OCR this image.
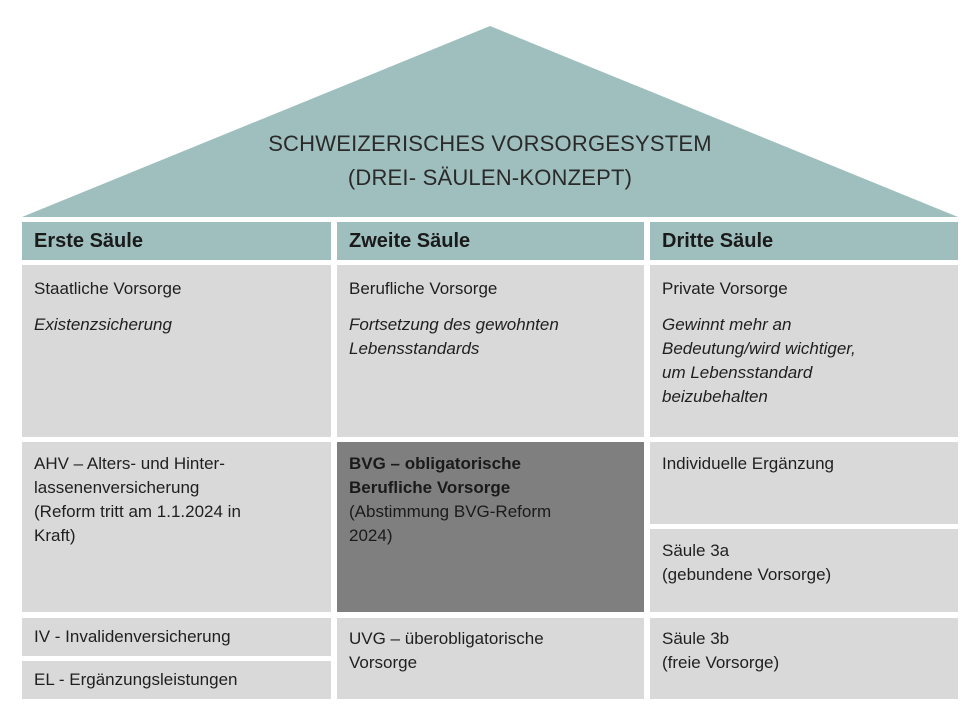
SCHWEIZERISCHES VORSORGESYSTEM
(DREI- SÄULEN-KONZEPT)
Erste Säule	Zweite Säule	Dritte Säule
Staatliche Vorsorge
Existenzsicherung
Berufliche Vorsorge
Fortsetzung des gewohnten
Lebensstandards
Private Vorsorge
Gewinnt mehr an
Bedeutung/wird wichtiger,
um Lebensstandard
beizubehalten
AHV – Alters- und Hinter-
lassenenversicherung
(Reform tritt am 1.1.2024 in
Kraft)
BVG – obligatorische
Berufliche Vorsorge
(Abstimmung BVG-Reform
2024)
Individuelle Ergänzung
Säule 3a
(gebundene Vorsorge)
IV - Invalidenversicherung
EL - Ergänzungsleistungen
UVG – überobligatorische
Vorsorge
Säule 3b
(freie Vorsorge)
